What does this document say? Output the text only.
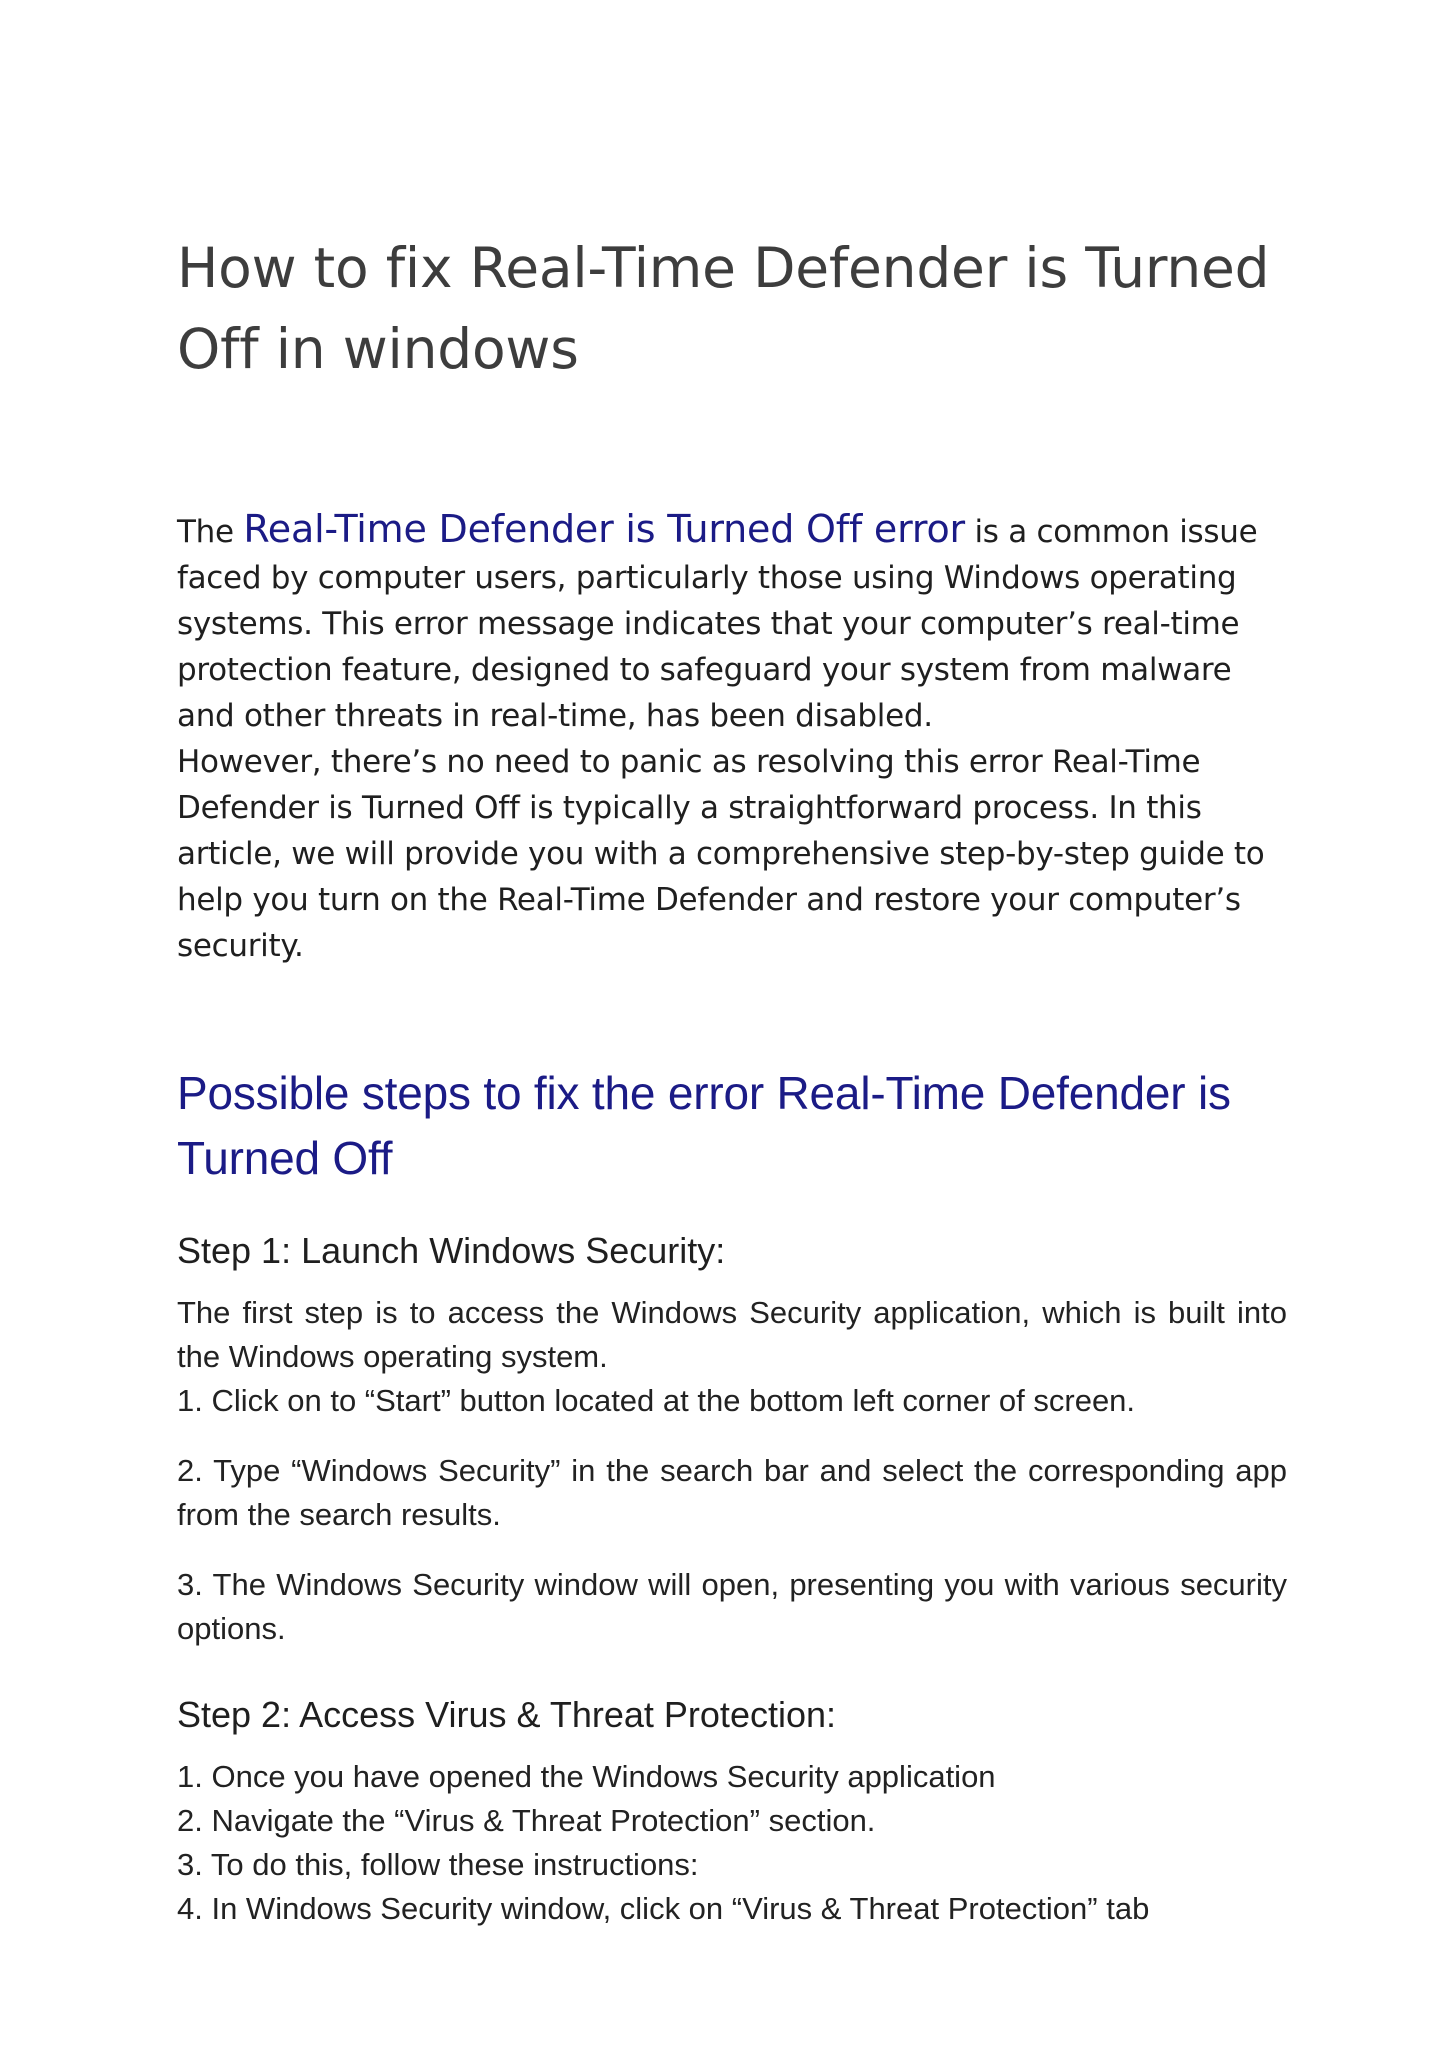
How to fix Real-Time Defender is Turned Off in windows

The Real-Time Defender is Turned Off error is a common issue faced by computer users, particularly those using Windows operating systems. This error message indicates that your computer’s real-time protection feature, designed to safeguard your system from malware and other threats in real-time, has been disabled.

However, there’s no need to panic as resolving this error Real-Time Defender is Turned Off is typically a straightforward process. In this article, we will provide you with a comprehensive step-by-step guide to help you turn on the Real-Time Defender and restore your computer’s security.

Possible steps to fix the error Real-Time Defender is Turned Off
Step 1: Launch Windows Security:

The first step is to access the Windows Security application, which is built into the Windows operating system.

1. Click on to “Start” button located at the bottom left corner of screen.

2. Type “Windows Security” in the search bar and select the corresponding app from the search results.

3. The Windows Security window will open, presenting you with various security options.

Step 2: Access Virus & Threat Protection:

1. Once you have opened the Windows Security application

2. Navigate the “Virus & Threat Protection” section.

3. To do this, follow these instructions:

4. In Windows Security window, click on “Virus & Threat Protection” tab
